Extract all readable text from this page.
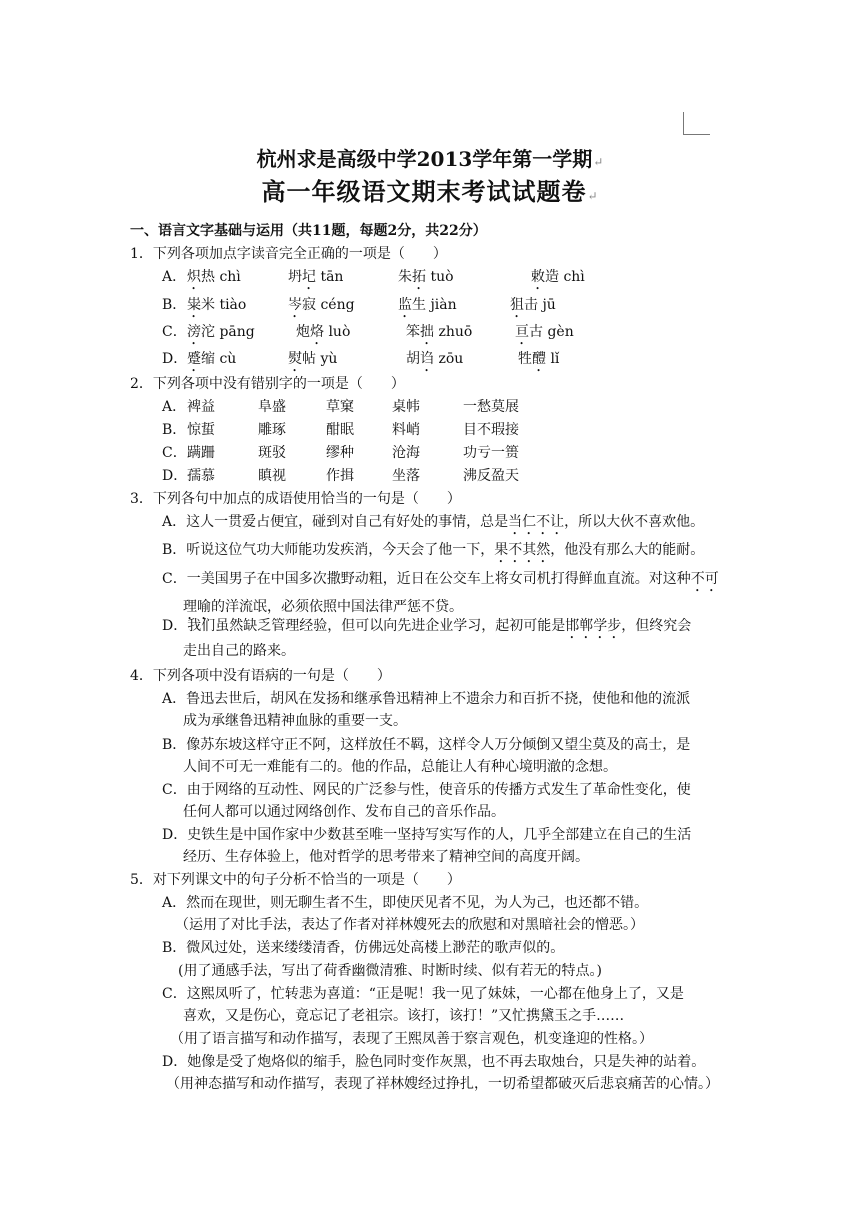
杭州求是高级中学2013学年第一学期↵
高一年级语文期末考试试题卷↵
一、语言文字基础与运用（共11题，每题2分，共22分）
1．下列各项加点字读音完全正确的一项是（　　）
A． 炽热 chì	坍圮 tān	朱拓 tuò	敕造 chì
B． 粜米 tiào	岑寂 céng	监生 jiàn	狙击 jū
C． 滂沱 pāng	炮烙 luò	笨拙 zhuō	亘古 gèn
D． 蹙缩 cù	熨帖 yù	胡诌 zōu	牲醴 lǐ
2．下列各项中没有错别字的一项是（　　）
A． 裨益	阜盛	草窠	桌帏	一愁莫展
B． 惊蜇	雕琢	酣眠	料峭	目不瑕接
C． 蹒跚	斑驳	缪种	沧海	功亏一篑
D． 孺慕	瞋视	作揖	坐落	沸反盈天
3．下列各句中加点的成语使用恰当的一句是（　　）
A．这人一贯爱占便宜，碰到对自己有好处的事情，总是当仁不让，所以大伙不喜欢他。
B．听说这位气功大师能功发疾消，今天会了他一下，果不其然，他没有那么大的能耐。
C．一美国男子在中国多次撒野动粗，近日在公交车上将女司机打得鲜血直流。对这种不可理喻的洋流氓，必须依照中国法律严惩不贷。
D．我们虽然缺乏管理经验，但可以向先进企业学习，起初可能是邯郸学步，但终究会
走出自己的路来。
4．下列各项中没有语病的一句是（　　）
A．鲁迅去世后，胡风在发扬和继承鲁迅精神上不遗余力和百折不挠，使他和他的流派
成为承继鲁迅精神血脉的重要一支。
B．像苏东坡这样守正不阿，这样放任不羁，这样令人万分倾倒又望尘莫及的高士，是
人间不可无一难能有二的。他的作品，总能让人有种心境明澈的念想。
C．由于网络的互动性、网民的广泛参与性，使音乐的传播方式发生了革命性变化，使
任何人都可以通过网络创作、发布自己的音乐作品。
D．史铁生是中国作家中少数甚至唯一坚持写实写作的人，几乎全部建立在自己的生活
经历、生存体验上，他对哲学的思考带来了精神空间的高度开阔。
5．对下列课文中的句子分析不恰当的一项是（　　）
A．然而在现世，则无聊生者不生，即使厌见者不见，为人为己，也还都不错。
（运用了对比手法，表达了作者对祥林嫂死去的欣慰和对黑暗社会的憎恶。）
B．微风过处，送来缕缕清香，仿佛远处高楼上渺茫的歌声似的。
(用了通感手法，写出了荷香幽微清雅、时断时续、似有若无的特点。)
C．这熙凤听了，忙转悲为喜道：“正是呢！我一见了妹妹，一心都在他身上了，又是
喜欢，又是伤心，竟忘记了老祖宗。该打，该打！”又忙携黛玉之手……
（用了语言描写和动作描写，表现了王熙凤善于察言观色，机变逢迎的性格。）
D．她像是受了炮烙似的缩手，脸色同时变作灰黑，也不再去取烛台，只是失神的站着。
（用神态描写和动作描写，表现了祥林嫂经过挣扎，一切希望都破灭后悲哀痛苦的心情。）
